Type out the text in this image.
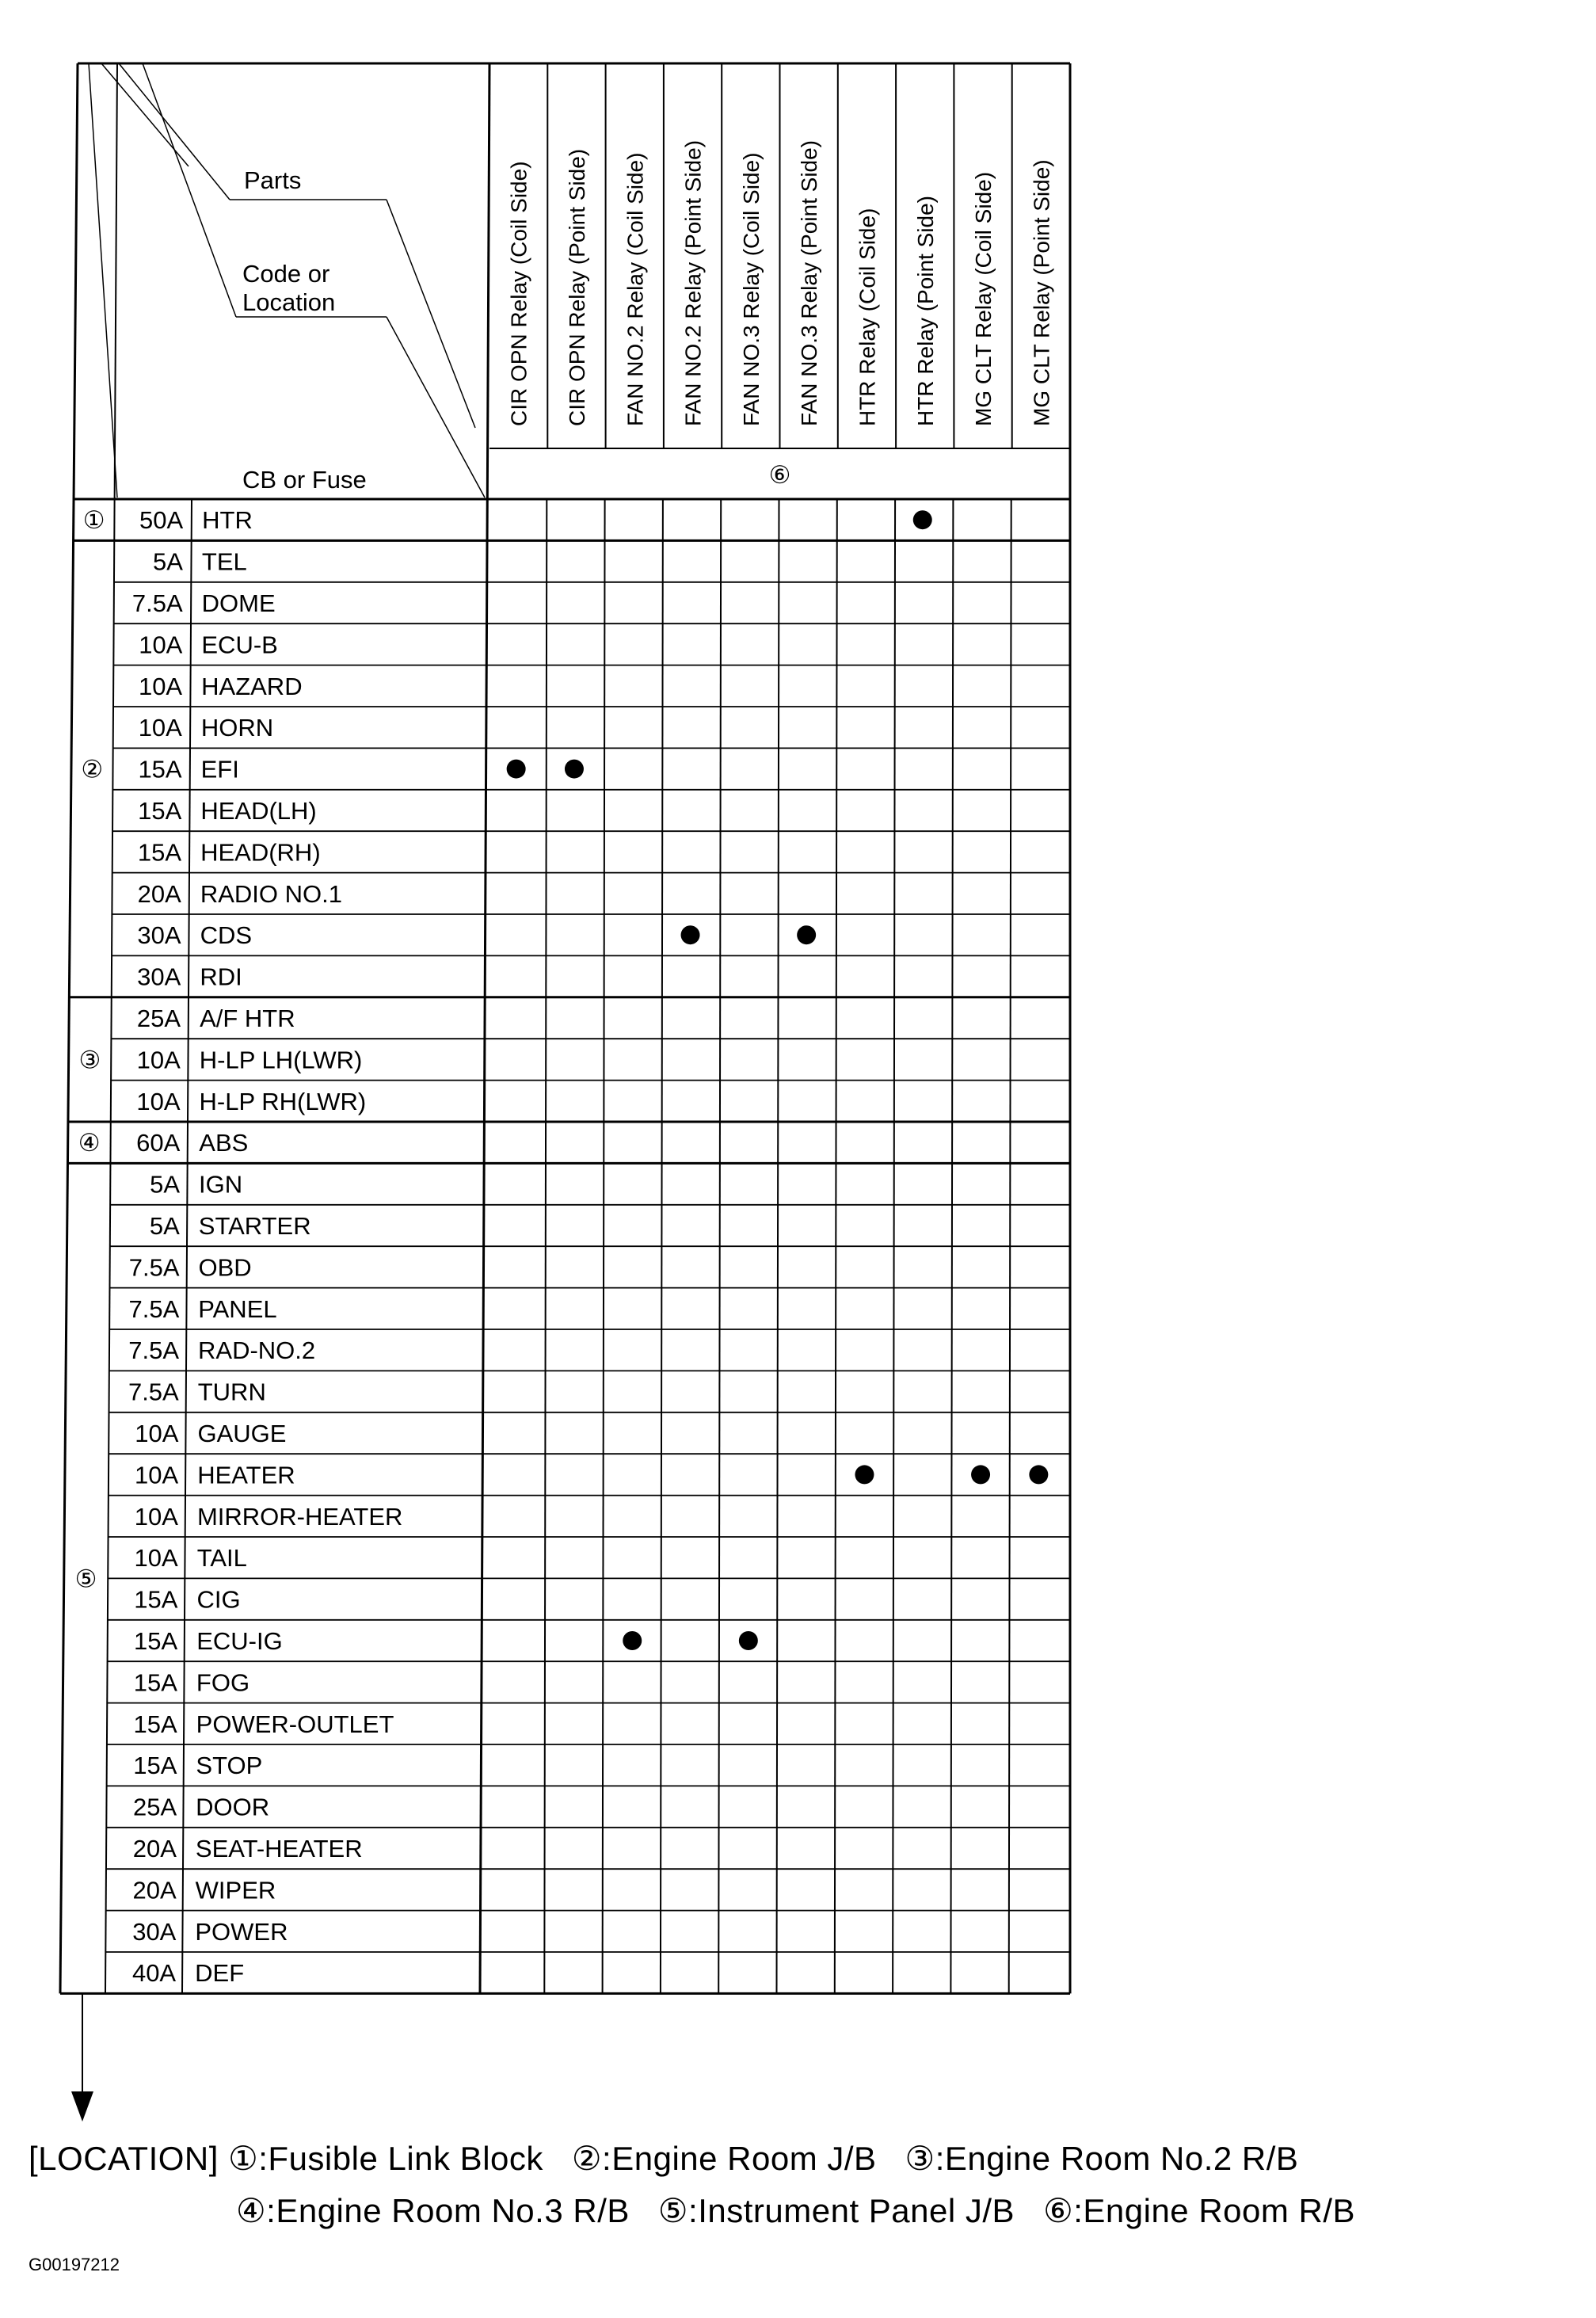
CIR OPN Relay (Coil Side) CIR OPN Relay (Point Side) FAN NO.2 Relay (Coil Side) FAN NO.2 Relay (Point Side) FAN NO.3 Relay (Coil Side) FAN NO.3 Relay (Point Side) HTR Relay (Coil Side) HTR Relay (Point Side) MG CLT Relay (Coil Side) MG CLT Relay (Point Side)
⑥
Parts
Code or
Location
CB or Fuse
50A HTR
①
5A TEL
7.5A DOME
10A ECU-B
10A HAZARD
10A HORN
15A EFI
15A HEAD(LH)
15A HEAD(RH)
20A RADIO NO.1
30A CDS
30A RDI
②
25A A/F HTR
10A H-LP LH(LWR)
10A H-LP RH(LWR)
③
60A ABS
④
5A IGN
5A STARTER
7.5A OBD
7.5A PANEL
7.5A RAD-NO.2
7.5A TURN
10A GAUGE
10A HEATER
10A MIRROR-HEATER
10A TAIL
15A CIG
15A ECU-IG
15A FOG
15A POWER-OUTLET
15A STOP
25A DOOR
20A SEAT-HEATER
20A WIPER
30A POWER
40A DEF
⑤
[LOCATION] ①:Fusible Link Block ②:Engine Room J/B ③:Engine Room No.2 R/B
④:Engine Room No.3 R/B ⑤:Instrument Panel J/B ⑥:Engine Room R/B
G00197212
